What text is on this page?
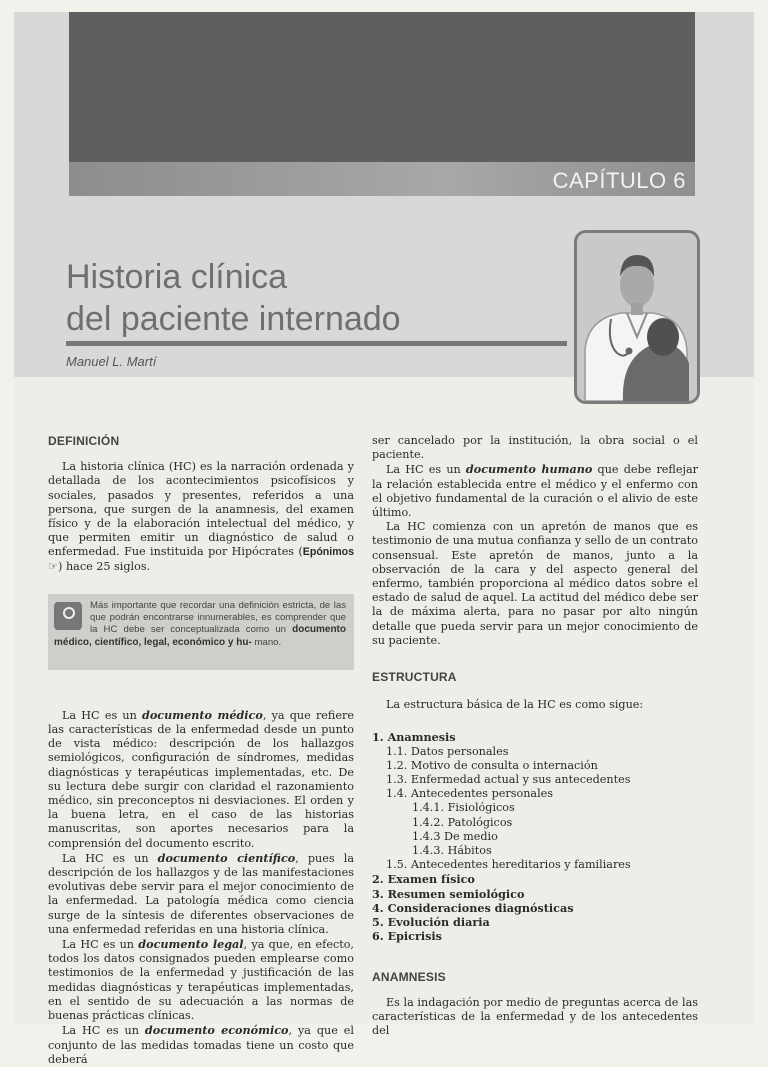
CAPÍTULO 6
Historia clínica
del paciente internado
Manuel L. Martí
DEFINICIÓN

La historia clínica (HC) es la narración ordenada y detallada de los acontecimientos psicofísicos y sociales, pasados y presentes, referidos a una persona, que surgen de la anamnesis, del examen físico y de la elaboración intelectual del médico, y que permiten emitir un diagnóstico de salud o enfermedad. Fue instituida por Hipócrates (Epónimos ☞) hace 25 siglos.

Más importante que recordar una definición estricta, de las que podrán encontrarse innumerables, es comprender que la HC debe ser conceptualizada como un documento médico, científico, legal, económico y hu- mano.

La HC es un documento médico, ya que refiere las características de la enfermedad desde un punto de vista médico: descripción de los hallazgos semiológicos, configuración de síndromes, medidas diagnósticas y terapéuticas implementadas, etc. De su lectura debe surgir con claridad el razonamiento médico, sin preconceptos ni desviaciones. El orden y la buena letra, en el caso de las historias manuscritas, son aportes necesarios para la comprensión del documento escrito.

La HC es un documento científico, pues la descripción de los hallazgos y de las manifestaciones evolutivas debe servir para el mejor conocimiento de la enfermedad. La patología médica como ciencia surge de la síntesis de diferentes observaciones de una enfermedad referidas en una historia clínica.

La HC es un documento legal, ya que, en efecto, todos los datos consignados pueden emplearse como testimonios de la enfermedad y justificación de las medidas diagnósticas y terapéuticas implementadas, en el sentido de su adecuación a las normas de buenas prácticas clínicas.

La HC es un documento económico, ya que el conjunto de las medidas tomadas tiene un costo que deberá

ser cancelado por la institución, la obra social o el paciente.

La HC es un documento humano que debe reflejar la relación establecida entre el médico y el enfermo con el objetivo fundamental de la curación o el alivio de este último.

La HC comienza con un apretón de manos que es testimonio de una mutua confianza y sello de un contrato consensual. Este apretón de manos, junto a la observación de la cara y del aspecto general del enfermo, también proporciona al médico datos sobre el estado de salud de aquel. La actitud del médico debe ser la de máxima alerta, para no pasar por alto ningún detalle que pueda servir para un mejor conocimiento de su paciente.

ESTRUCTURA

La estructura básica de la HC es como sigue:

1. Anamnesis
1.1. Datos personales
1.2. Motivo de consulta o internación
1.3. Enfermedad actual y sus antecedentes
1.4. Antecedentes personales
1.4.1. Fisiológicos
1.4.2. Patológicos
1.4.3 De medio
1.4.3. Hábitos
1.5. Antecedentes hereditarios y familiares
2. Examen físico
3. Resumen semiológico
4. Consideraciones diagnósticas
5. Evolución diaria
6. Epicrisis
ANAMNESIS

Es la indagación por medio de preguntas acerca de las características de la enfermedad y de los antecedentes del
